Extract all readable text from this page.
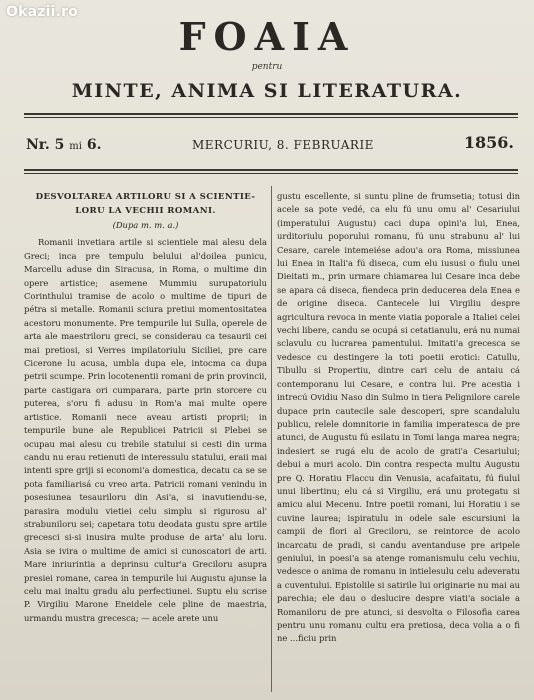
Okazii.ro
FOAIA
pentru
MINTE, ANIMA SI LITERATURA.
Nr. 5 mi 6.	MERCURIU, 8. FEBRUARIE	1856.
DESVOLTAREA ARTILORU SI A SCIENTIE-
LORU LA VECHII ROMANI.
(Dupa m. m. a.)

Romanii invetiara artile si scientiele mai alesu dela Greci; inca pre tempulu belului al'doilea punicu, Marcellu aduse din Siracusa, in Roma, o multime din opere artistice; asemene Mummiu surupatoriulu Corinthului tramise de acolo o multime de tipuri de pétra si metalle. Romanii sciura pretiui momentositatea acestoru monumente. Pre tempurile lui Sulla, operele de arta ale maestriloru greci, se considerau ca tesaurii cei mai pretiosi, si Verres impilatoriulu Siciliei, pre care Cicerone lu acusa, umbla dupa ele, intocma ca dupa petrii scumpe. Prin locotenentii romani de prin provincii, parte castigara ori cumparara, parte prin storcere cu puterea, s'oru fi adusu in Rom'a mai multe opere artistice. Romanii nece aveau artisti proprii; in tempurile bune ale Republicei Patricii si Plebei se ocupau mai alesu cu trebile statului si cesti din urma candu nu erau retienuti de interessulu statului, eraii mai intenti spre griji si economi'a domestica, decatu ca se se pota familiarisá cu vreo arta. Patricii romani venindu in posesiunea tesauriloru din Asi'a, si inavutiendu-se, parasira modulu vietiei celu simplu si rigurosu al' strabuniloru sei; capetara totu deodata gustu spre artile grecesci si-si inusira multe produse de arta' alu loru. Asia se ivira o multime de amici si cunoscatori de arti. Mare inriurintia a deprinsu cultur'a Greciloru asupra presiei romane, carea in tempurile lui Augustu ajunse la celu mai inaltu gradu alu perfectiunei. Suptu elu scrise P. Virgiliu Marone Eneidele cele pline de maestria, urmandu mustra grecesca; — acele arete unu

gustu escellente, si suntu pline de frumsetia; totusi din acele sa pote vedé, ca elu fú unu omu al' Cesariului (imperatului Augustu) caci dupa opini'a lui, Enea, urditoriulu poporului romanu, fú unu strabunu al' lui Cesare, carele intemeiése adou'a ora Roma, missiunea lui Enea in Itali'a fú diseca, cum elu iususi o fiulu unei Dieitati m., prin urmare chiamarea lui Cesare inca debe se apara cá diseca, fiendeca prin deducerea dela Enea e de origine diseca. Cantecele lui Virgiliu despre agricultura revoca in mente viatia poporale a Italiei celei vechi libere, candu se ocupá si cetatianulu, erá nu numai sclavulu cu lucrarea pamentului. Imitati'a grecesca se vedesce cu destingere la toti poetii erotici: Catullu, Tibullu si Propertiu, dintre cari celu de antaiu cá contemporanu lui Cesare, e contra lui. Pre acestia i intrecú Ovidiu Naso din Sulmo in tiera Pelignilore carele dupace prin cautecile sale descoperi, spre scandalulu publicu, relele domnitorie in familia imperatesca de pre atunci, de Augustu fú esilatu in Tomi langa marea negra; indesiert se rugá elu de acolo de grati'a Cesariului; debui a muri acolo. Din contra respecta multu Augustu pre Q. Horatiu Flaccu din Venusia, acafaitatu, fú fiulul unui libertinu; elu cá si Virgiliu, erá unu protegatu si amicu alui Mecenu. Intre poetii romani, lui Horatiu i se cuvine laurea; ispiratulu in odele sale escursiuni la campii de flori al Greciloru, se reintorce de acolo incarcatu de pradi, si candu aventanduse pre aripele geniului, in poesi'a sa atenge romanismulu celu vechiu, vedesce o anima de romanu in intielesulu celu adeveratu a cuventului. Epistolile si satirile lui originarie nu mai au parechia; ele dau o deslucire despre viati'a sociale a Romaniloru de pre atunci, si desvolta o Filosofia carea pentru unu romanu cultu era pretiosa, deca volia a o fi ne ...ficiu prin
